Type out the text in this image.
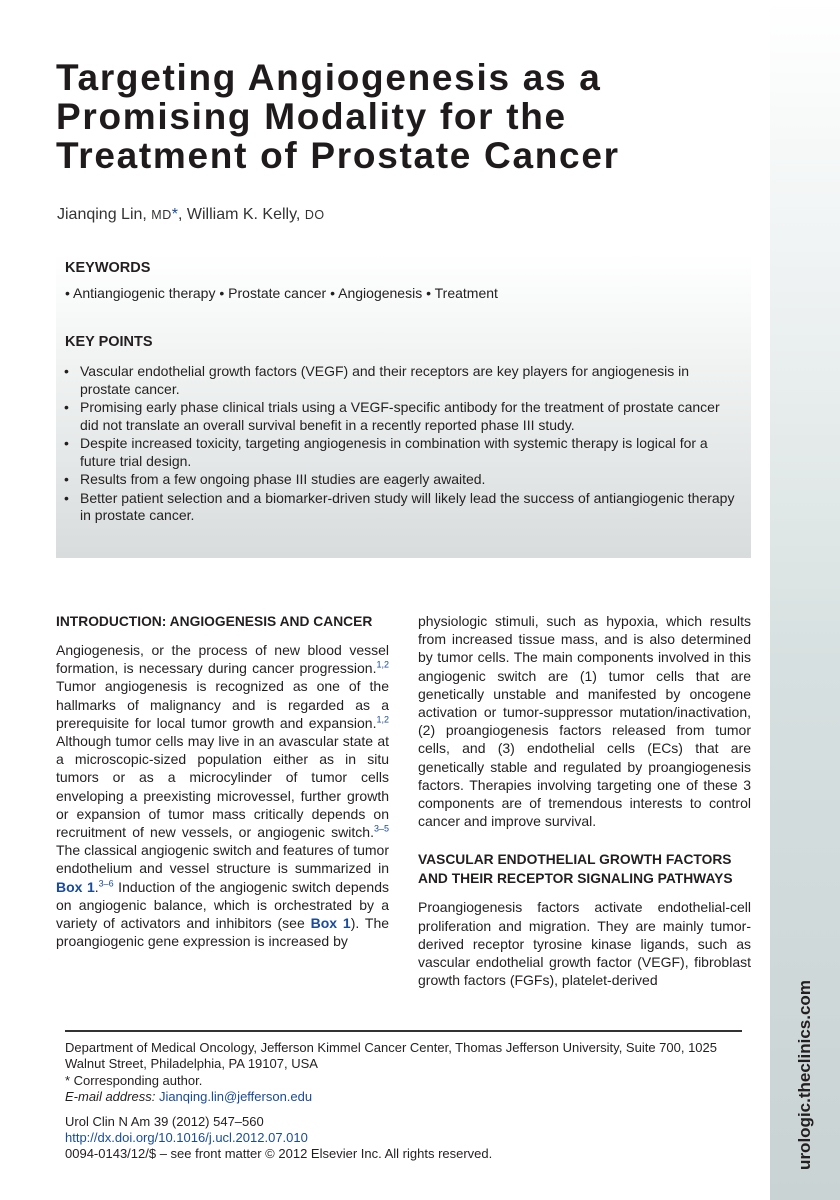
urologic.theclinics.com
Targeting Angiogenesis as a Promising Modality for the Treatment of Prostate Cancer
Jianqing Lin, MD*, William K. Kelly, DO
KEYWORDS
• Antiangiogenic therapy • Prostate cancer • Angiogenesis • Treatment
KEY POINTS
• Vascular endothelial growth factors (VEGF) and their receptors are key players for angiogenesis in prostate cancer.
• Promising early phase clinical trials using a VEGF-specific antibody for the treatment of prostate cancer did not translate an overall survival benefit in a recently reported phase III study.
• Despite increased toxicity, targeting angiogenesis in combination with systemic therapy is logical for a future trial design.
• Results from a few ongoing phase III studies are eagerly awaited.
• Better patient selection and a biomarker-driven study will likely lead the success of antiangiogenic therapy in prostate cancer.
INTRODUCTION: ANGIOGENESIS AND CANCER

Angiogenesis, or the process of new blood vessel formation, is necessary during cancer progression.$^{1,2}$ Tumor angiogenesis is recognized as one of the hallmarks of malignancy and is regarded as a prerequisite for local tumor growth and expansion.$^{1,2}$ Although tumor cells may live in an avascular state at a microscopic-sized population either as in situ tumors or as a microcylinder of tumor cells enveloping a preexisting microvessel, further growth or expansion of tumor mass critically depends on recruitment of new vessels, or angiogenic switch.$^{3-5}$ The classical angiogenic switch and features of tumor endothelium and vessel structure is summarized in Box 1.$^{3-6}$ Induction of the angiogenic switch depends on angiogenic balance, which is orchestrated by a variety of activators and inhibitors (see Box 1). The proangiogenic gene expression is increased by

physiologic stimuli, such as hypoxia, which results from increased tissue mass, and is also determined by tumor cells. The main components involved in this angiogenic switch are (1) tumor cells that are genetically unstable and manifested by oncogene activation or tumor-suppressor mutation/inactivation, (2) proangiogenesis factors released from tumor cells, and (3) endothelial cells (ECs) that are genetically stable and regulated by proangiogenesis factors. Therapies involving targeting one of these 3 components are of tremendous interests to control cancer and improve survival.

VASCULAR ENDOTHELIAL GROWTH FACTORS AND THEIR RECEPTOR SIGNALING PATHWAYS

Proangiogenesis factors activate endothelial-cell proliferation and migration. They are mainly tumor-derived receptor tyrosine kinase ligands, such as vascular endothelial growth factor (VEGF), fibroblast growth factors (FGFs), platelet-derived

Department of Medical Oncology, Jefferson Kimmel Cancer Center, Thomas Jefferson University, Suite 700, 1025 Walnut Street, Philadelphia, PA 19107, USA

* Corresponding author.

E-mail address: Jianqing.lin@jefferson.edu

Urol Clin N Am 39 (2012) 547–560

http://dx.doi.org/10.1016/j.ucl.2012.07.010

0094-0143/12/$ – see front matter © 2012 Elsevier Inc. All rights reserved.
